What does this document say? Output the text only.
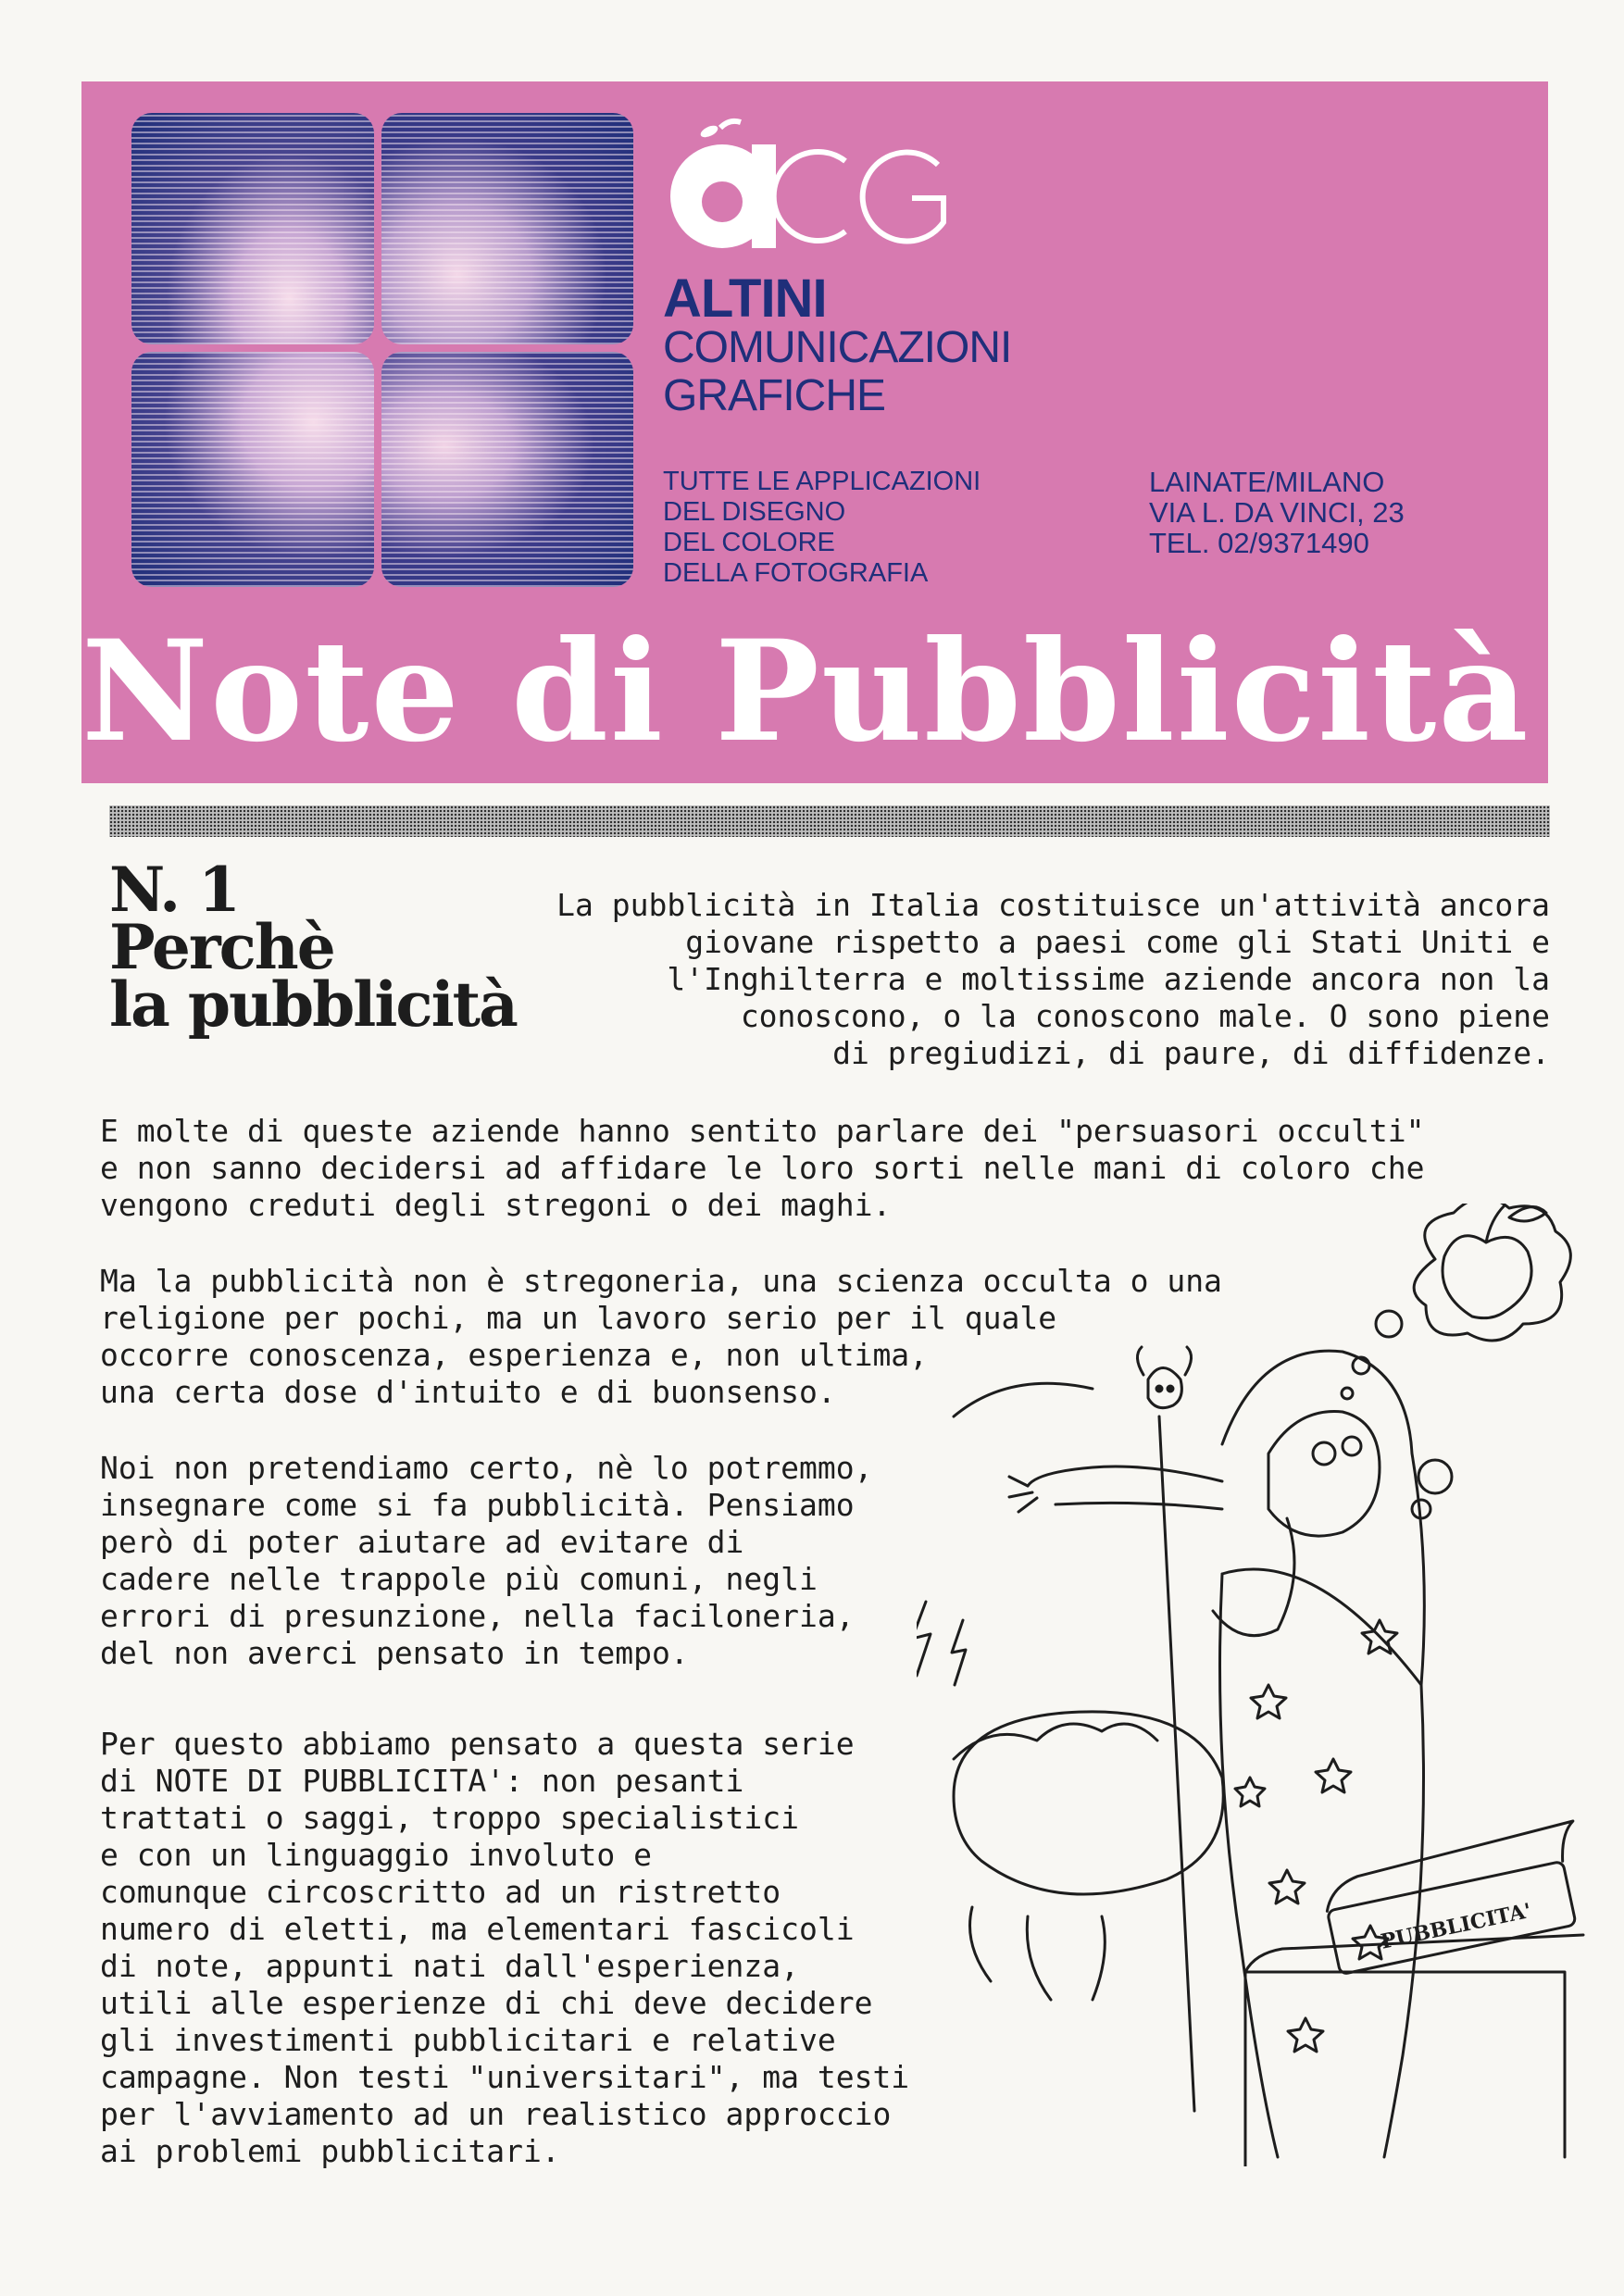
ALTINI
COMUNICAZIONI
GRAFICHE
TUTTE LE APPLICAZIONI
DEL DISEGNO
DEL COLORE
DELLA FOTOGRAFIA
LAINATE/MILANO
VIA L. DA VINCI, 23
TEL. 02/9371490
Note di Pubblicità
N. 1
Perchè
la pubblicità
La pubblicità in Italia costituisce un'attività ancora
giovane rispetto a paesi come gli Stati Uniti e
l'Inghilterra e moltissime aziende ancora non la
conoscono, o la conoscono male. O sono piene
di pregiudizi, di paure, di diffidenze.
E molte di queste aziende hanno sentito parlare dei "persuasori occulti"
e non sanno decidersi ad affidare le loro sorti nelle mani di coloro che
vengono creduti degli stregoni o dei maghi.
Ma la pubblicità non è stregoneria, una scienza occulta o una
religione per pochi, ma un lavoro serio per il quale
occorre conoscenza, esperienza e, non ultima,
una certa dose d'intuito e di buonsenso.
Noi non pretendiamo certo, nè lo potremmo,
insegnare come si fa pubblicità. Pensiamo
però di poter aiutare ad evitare di
cadere nelle trappole più comuni, negli
errori di presunzione, nella faciloneria,
del non averci pensato in tempo.
Per questo abbiamo pensato a questa serie
di NOTE DI PUBBLICITA': non pesanti
trattati o saggi, troppo specialistici
e con un linguaggio involuto e
comunque circoscritto ad un ristretto
numero di eletti, ma elementari fascicoli
di note, appunti nati dall'esperienza,
utili alle esperienze di chi deve decidere
gli investimenti pubblicitari e relative
campagne. Non testi "universitari", ma testi
per l'avviamento ad un realistico approccio
ai problemi pubblicitari.
PUBBLICITA'
